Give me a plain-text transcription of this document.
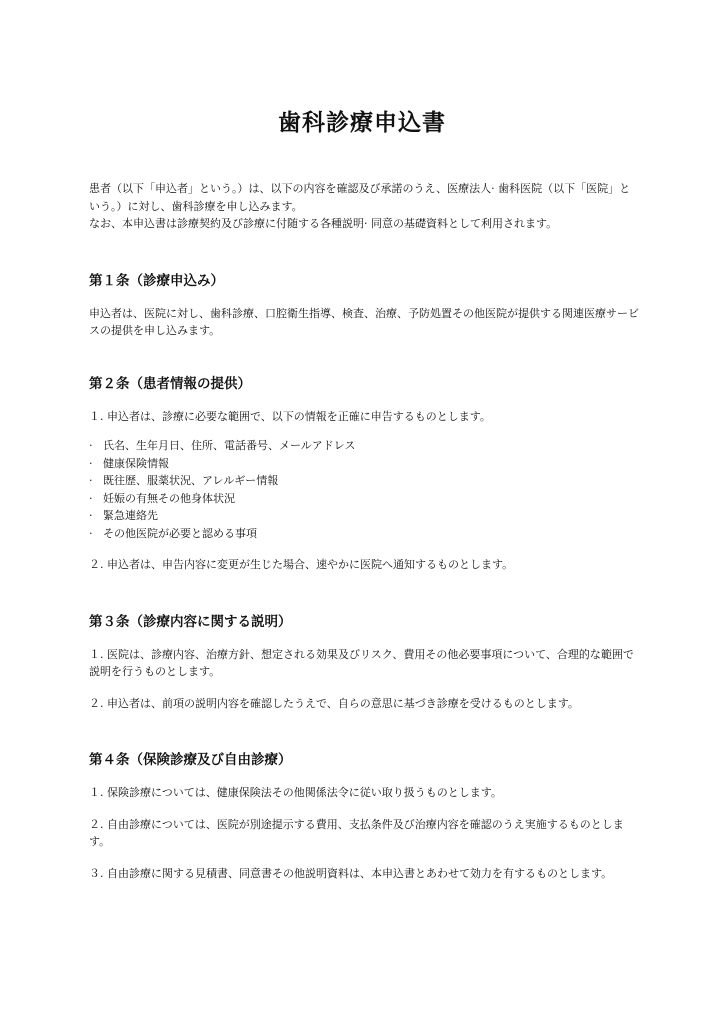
歯科診療申込書

患者（以下「申込者」という。）は、以下の内容を確認及び承諾のうえ、医療法人· 歯科医院（以下「医院」という。）に対し、歯科診療を申し込みます。

なお、本申込書は診療契約及び診療に付随する各種説明· 同意の基礎資料として利用されます。

第１条（診療申込み）

申込者は、医院に対し、歯科診療、口腔衛生指導、検査、治療、予防処置その他医院が提供する関連医療サービスの提供を申し込みます。

第２条（患者情報の提供）

１. 申込者は、診療に必要な範囲で、以下の情報を正確に申告するものとします。

· 氏名、生年月日、住所、電話番号、メールアドレス
· 健康保険情報
· 既往歴、服薬状況、アレルギー情報
· 妊娠の有無その他身体状況
· 緊急連絡先
· その他医院が必要と認める事項

２. 申込者は、申告内容に変更が生じた場合、速やかに医院へ通知するものとします。

第３条（診療内容に関する説明）

１. 医院は、診療内容、治療方針、想定される効果及びリスク、費用その他必要事項について、合理的な範囲で説明を行うものとします。

２. 申込者は、前項の説明内容を確認したうえで、自らの意思に基づき診療を受けるものとします。

第４条（保険診療及び自由診療）

１. 保険診療については、健康保険法その他関係法令に従い取り扱うものとします。

２. 自由診療については、医院が別途提示する費用、支払条件及び治療内容を確認のうえ実施するものとします。

３. 自由診療に関する見積書、同意書その他説明資料は、本申込書とあわせて効力を有するものとします。
